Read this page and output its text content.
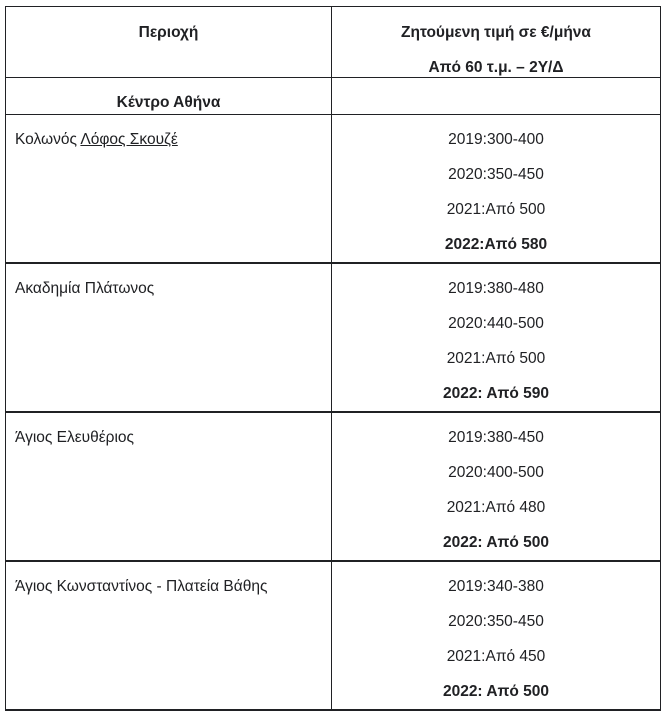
Περιοχή	Ζητούμενη τιμή σε €/μήνα
Από 60 τ.μ. – 2Υ/Δ

Κέντρο Αθήνα	

Κολωνός Λόφος Σκουζέ	2019:300-400
2020:350-450
2021:Από 500
2022:Από 580

Ακαδημία Πλάτωνος	2019:380-480
2020:440-500
2021:Από 500
2022: Από 590

Άγιος Ελευθέριος	2019:380-450
2020:400-500
2021:Από 480
2022: Από 500

Άγιος Κωνσταντίνος - Πλατεία Βάθης	2019:340-380
2020:350-450
2021:Από 450
2022: Από 500
